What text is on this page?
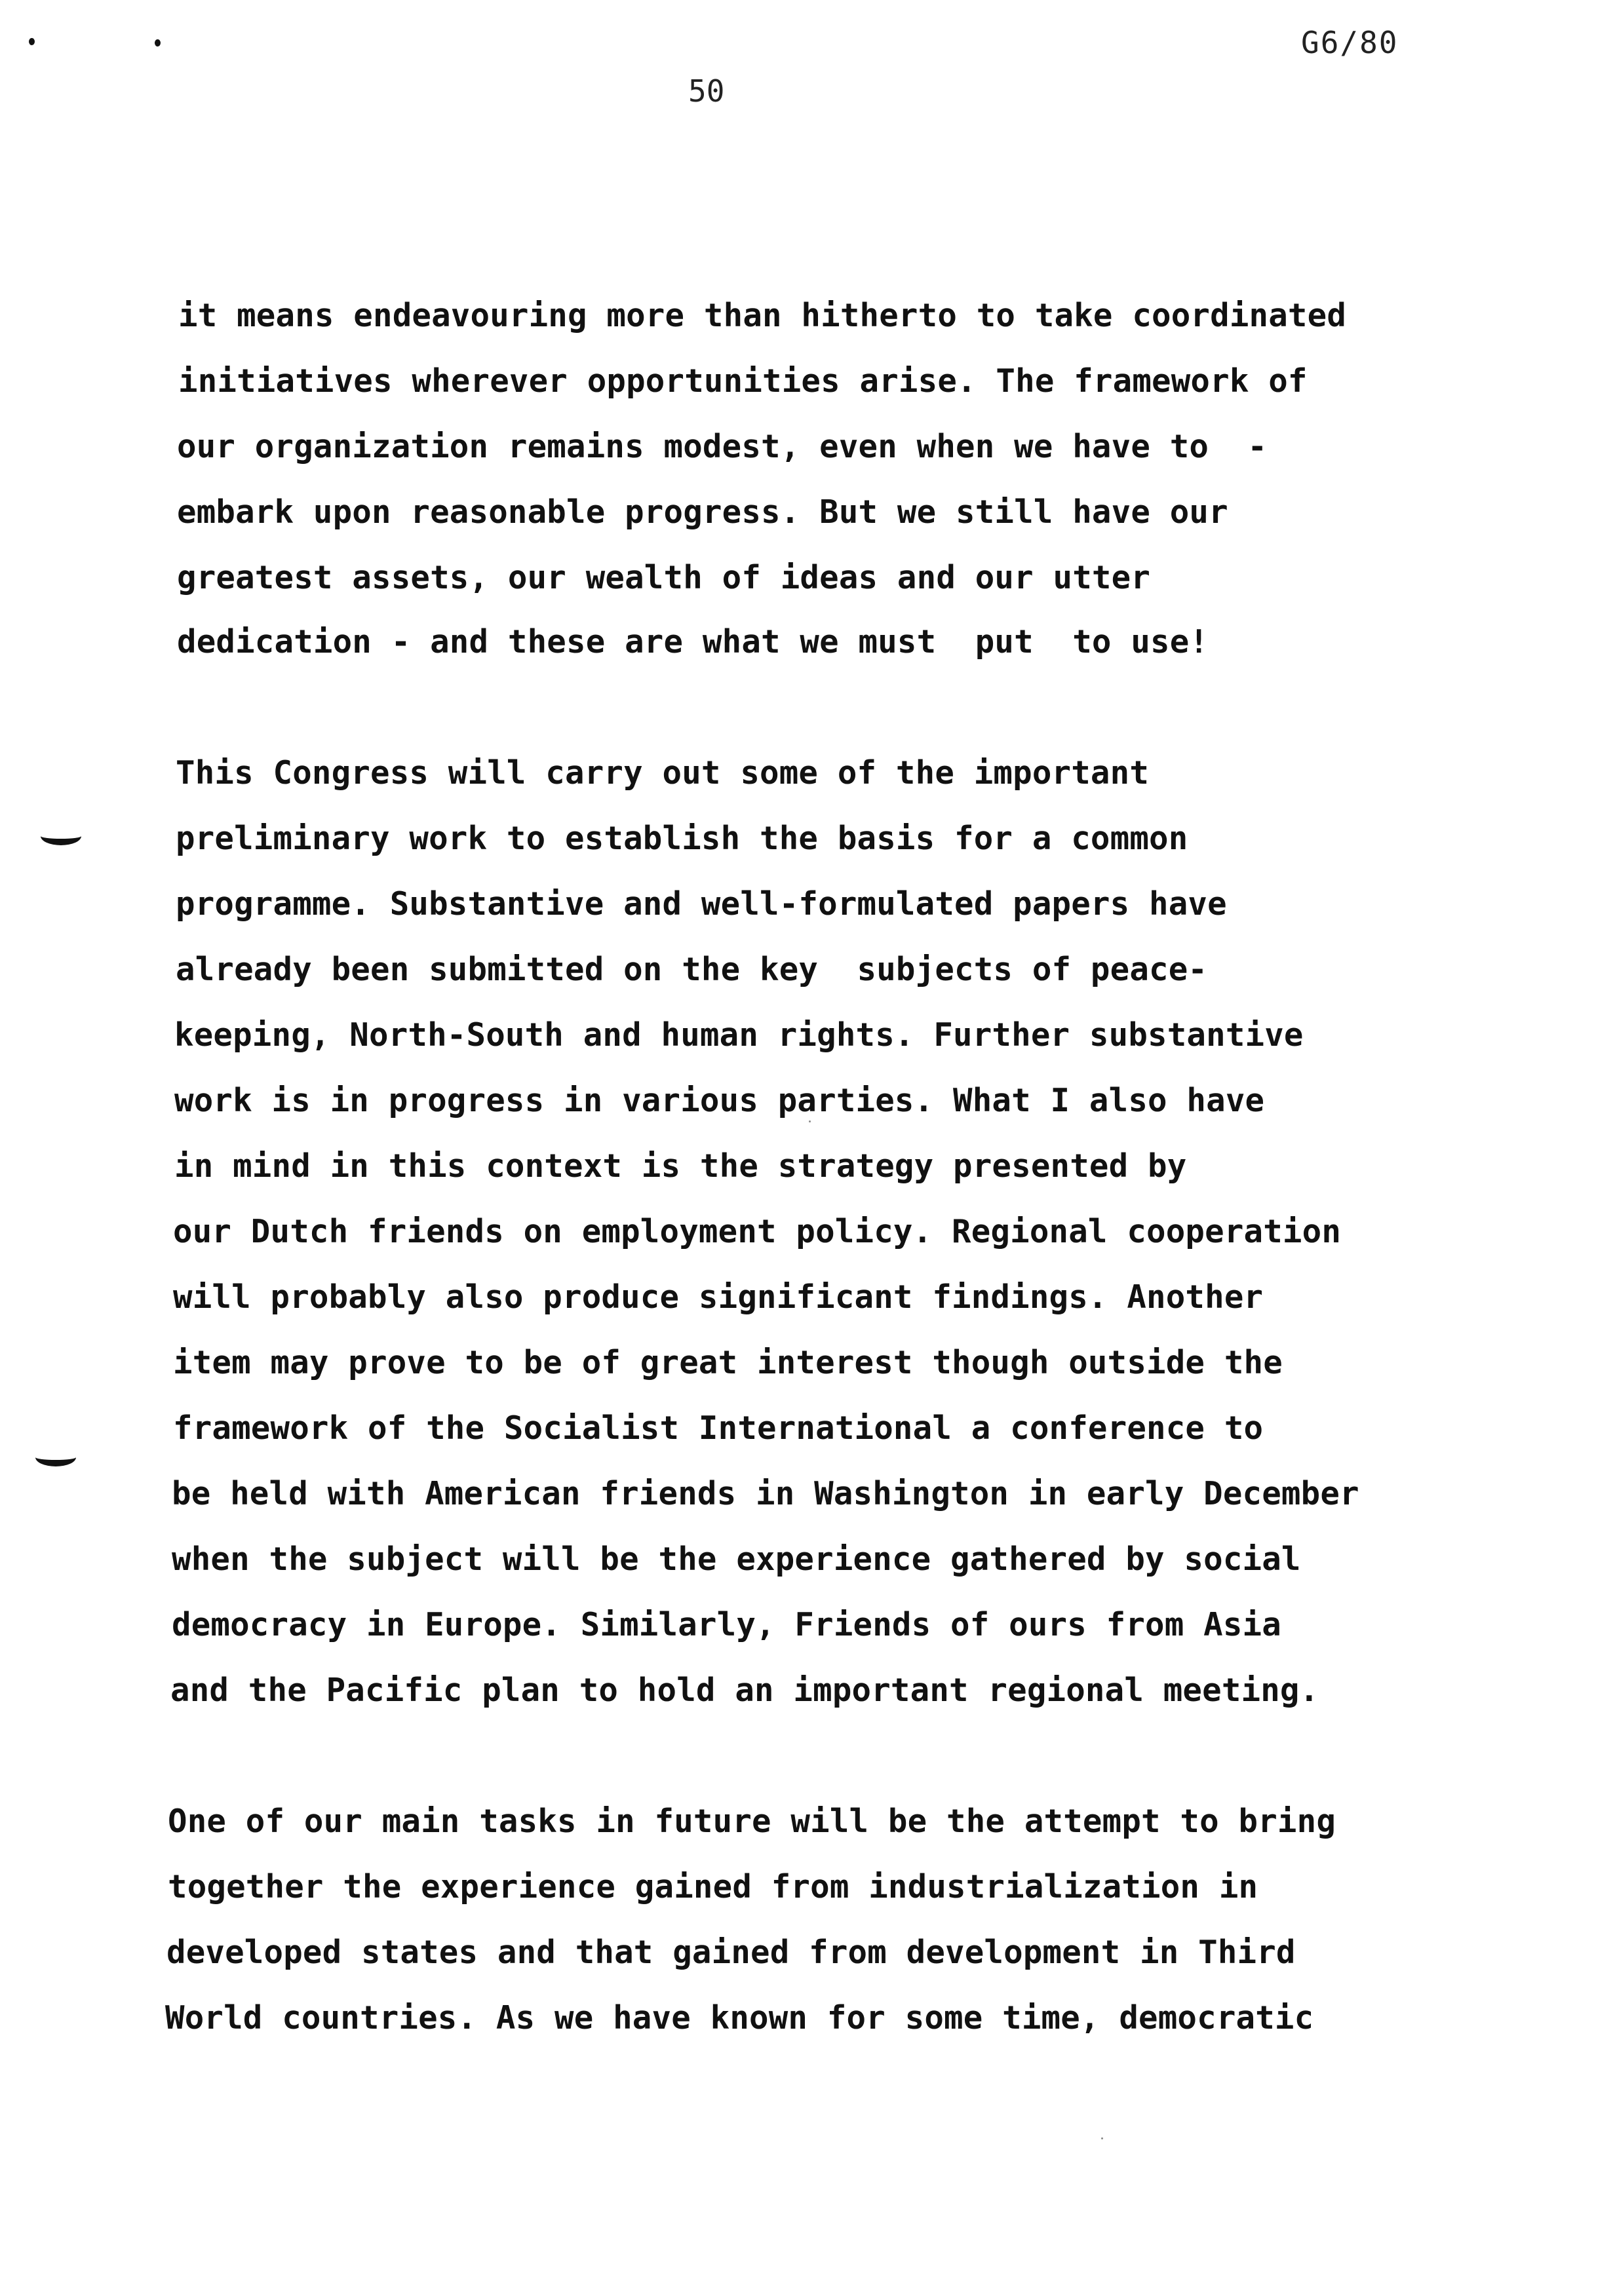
G6/80
50
it means endeavouring more than hitherto to take coordinated
initiatives wherever opportunities arise. The framework of
our organization remains modest, even when we have to  -
embark upon reasonable progress. But we still have our
greatest assets, our wealth of ideas and our utter
dedication - and these are what we must  put  to use!
This Congress will carry out some of the important
preliminary work to establish the basis for a common
programme. Substantive and well-formulated papers have
already been submitted on the key  subjects of peace-
keeping, North-South and human rights. Further substantive
work is in progress in various parties. What I also have
in mind in this context is the strategy presented by
our Dutch friends on employment policy. Regional cooperation
will probably also produce significant findings. Another
item may prove to be of great interest though outside the
framework of the Socialist International a conference to
be held with American friends in Washington in early December
when the subject will be the experience gathered by social
democracy in Europe. Similarly, Friends of ours from Asia
and the Pacific plan to hold an important regional meeting.
One of our main tasks in future will be the attempt to bring
together the experience gained from industrialization in
developed states and that gained from development in Third
World countries. As we have known for some time, democratic
